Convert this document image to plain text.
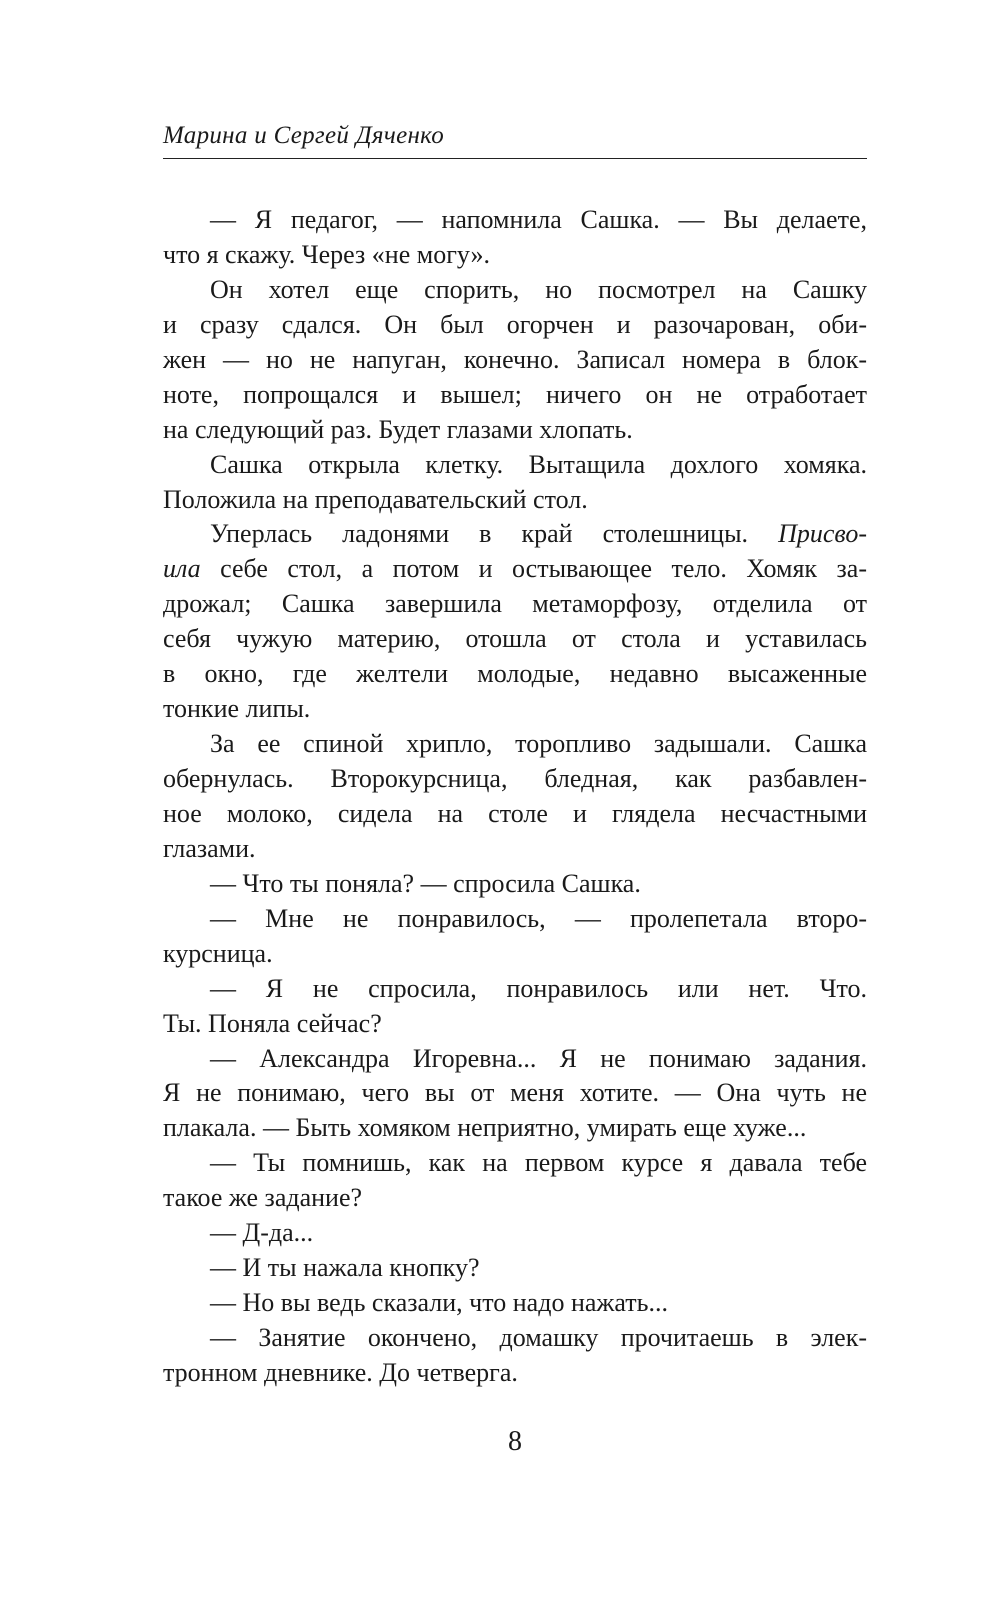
Марина и Сергей Дяченко
— Я педагог, — напомнила Сашка. — Вы делаете,
что я скажу. Через «не могу».
Он хотел еще спорить, но посмотрел на Сашку
и сразу сдался. Он был огорчен и разочарован, оби-
жен — но не напуган, конечно. Записал номера в блок-
ноте, попрощался и вышел; ничего он не отработает
на следующий раз. Будет глазами хлопать.
Сашка открыла клетку. Вытащила дохлого хомяка.
Положила на преподавательский стол.
Уперлась ладонями в край столешницы. Присво-
ила себе стол, а потом и остывающее тело. Хомяк за-
дрожал; Сашка завершила метаморфозу, отделила от
себя чужую материю, отошла от стола и уставилась
в окно, где желтели молодые, недавно высаженные
тонкие липы.
За ее спиной хрипло, торопливо задышали. Сашка
обернулась. Второкурсница, бледная, как разбавлен-
ное молоко, сидела на столе и глядела несчастными
глазами.
— Что ты поняла? — спросила Сашка.
— Мне не понравилось, — пролепетала второ-
курсница.
— Я не спросила, понравилось или нет. Что.
Ты. Поняла сейчас?
— Александра Игоревна... Я не понимаю задания.
Я не понимаю, чего вы от меня хотите. — Она чуть не
плакала. — Быть хомяком неприятно, умирать еще хуже...
— Ты помнишь, как на первом курсе я давала тебе
такое же задание?
— Д-да...
— И ты нажала кнопку?
— Но вы ведь сказали, что надо нажать...
— Занятие окончено, домашку прочитаешь в элек-
тронном дневнике. До четверга.
8
